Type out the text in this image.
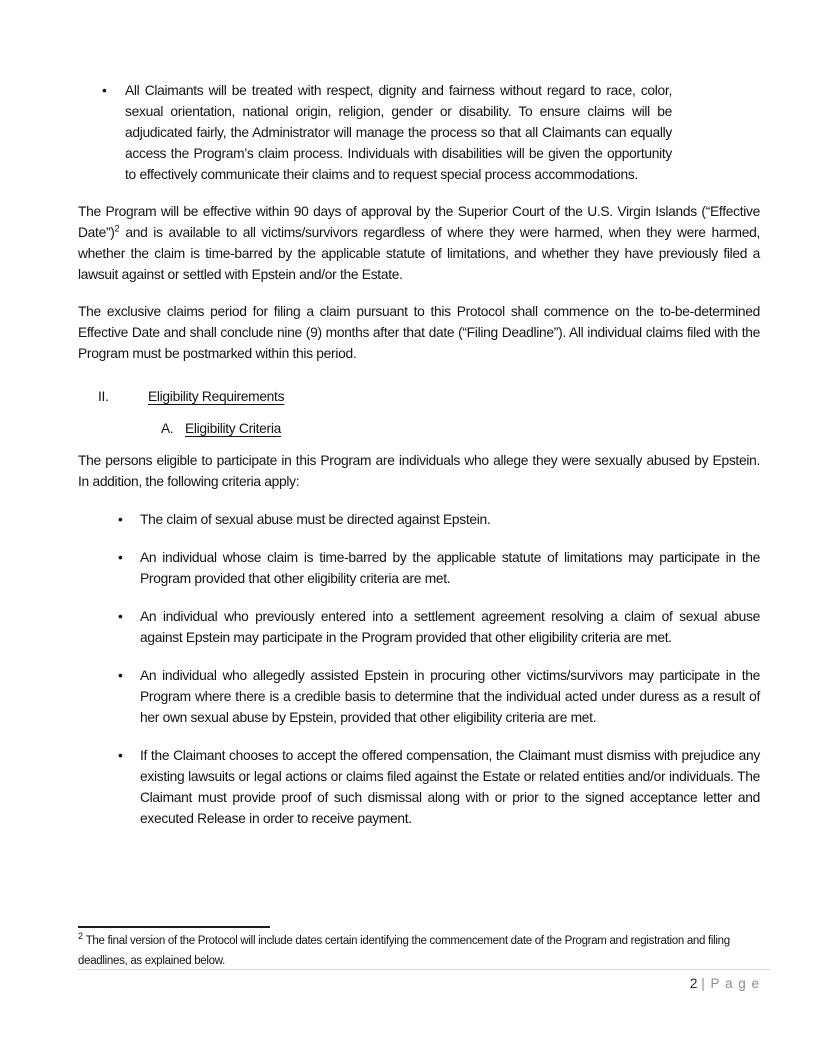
• All Claimants will be treated with respect, dignity and fairness without regard to race, color, sexual orientation, national origin, religion, gender or disability. To ensure claims will be adjudicated fairly, the Administrator will manage the process so that all Claimants can equally access the Program’s claim process. Individuals with disabilities will be given the opportunity to effectively communicate their claims and to request special process accommodations.

The Program will be effective within 90 days of approval by the Superior Court of the U.S. Virgin Islands (“Effective Date”)$^2$ and is available to all victims/survivors regardless of where they were harmed, when they were harmed, whether the claim is time-barred by the applicable statute of limitations, and whether they have previously filed a lawsuit against or settled with Epstein and/or the Estate.

The exclusive claims period for filing a claim pursuant to this Protocol shall commence on the to-be-determined Effective Date and shall conclude nine (9) months after that date (“Filing Deadline”). All individual claims filed with the Program must be postmarked within this period.

II.	Eligibility Requirements
A. Eligibility Criteria

The persons eligible to participate in this Program are individuals who allege they were sexually abused by Epstein. In addition, the following criteria apply:

• The claim of sexual abuse must be directed against Epstein.
• An individual whose claim is time-barred by the applicable statute of limitations may participate in the Program provided that other eligibility criteria are met.
• An individual who previously entered into a settlement agreement resolving a claim of sexual abuse against Epstein may participate in the Program provided that other eligibility criteria are met.
• An individual who allegedly assisted Epstein in procuring other victims/survivors may participate in the Program where there is a credible basis to determine that the individual acted under duress as a result of her own sexual abuse by Epstein, provided that other eligibility criteria are met.
• If the Claimant chooses to accept the offered compensation, the Claimant must dismiss with prejudice any existing lawsuits or legal actions or claims filed against the Estate or related entities and/or individuals. The Claimant must provide proof of such dismissal along with or prior to the signed acceptance letter and executed Release in order to receive payment.
$^2$ The final version of the Protocol will include dates certain identifying the commencement date of the Program and registration and filing deadlines, as explained below.
2 | P a g e
